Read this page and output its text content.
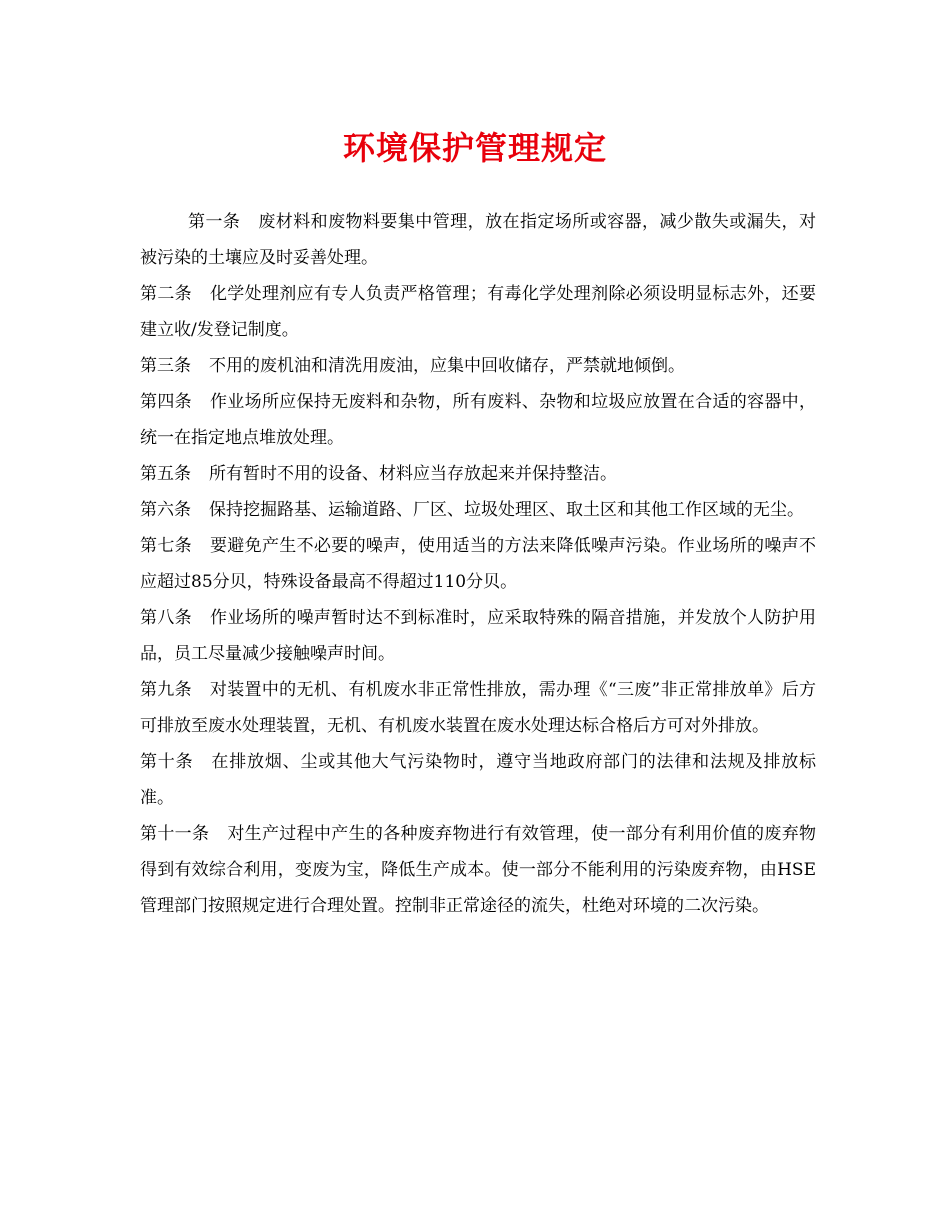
环境保护管理规定

第一条 废材料和废物料要集中管理，放在指定场所或容器，减少散失或漏失，对被污染的土壤应及时妥善处理。

第二条 化学处理剂应有专人负责严格管理；有毒化学处理剂除必须设明显标志外，还要建立收/发登记制度。

第三条 不用的废机油和清洗用废油，应集中回收储存，严禁就地倾倒。

第四条 作业场所应保持无废料和杂物，所有废料、杂物和垃圾应放置在合适的容器中，统一在指定地点堆放处理。

第五条 所有暂时不用的设备、材料应当存放起来并保持整洁。

第六条 保持挖掘路基、运输道路、厂区、垃圾处理区、取土区和其他工作区域的无尘。

第七条 要避免产生不必要的噪声，使用适当的方法来降低噪声污染。作业场所的噪声不应超过85分贝，特殊设备最高不得超过110分贝。

第八条 作业场所的噪声暂时达不到标准时，应采取特殊的隔音措施，并发放个人防护用品，员工尽量减少接触噪声时间。

第九条 对装置中的无机、有机废水非正常性排放，需办理《“三废”非正常排放单》后方可排放至废水处理装置，无机、有机废水装置在废水处理达标合格后方可对外排放。

第十条 在排放烟、尘或其他大气污染物时，遵守当地政府部门的法律和法规及排放标准。

第十一条 对生产过程中产生的各种废弃物进行有效管理，使一部分有利用价值的废弃物得到有效综合利用，变废为宝，降低生产成本。使一部分不能利用的污染废弃物，由HSE管理部门按照规定进行合理处置。控制非正常途径的流失，杜绝对环境的二次污染。
